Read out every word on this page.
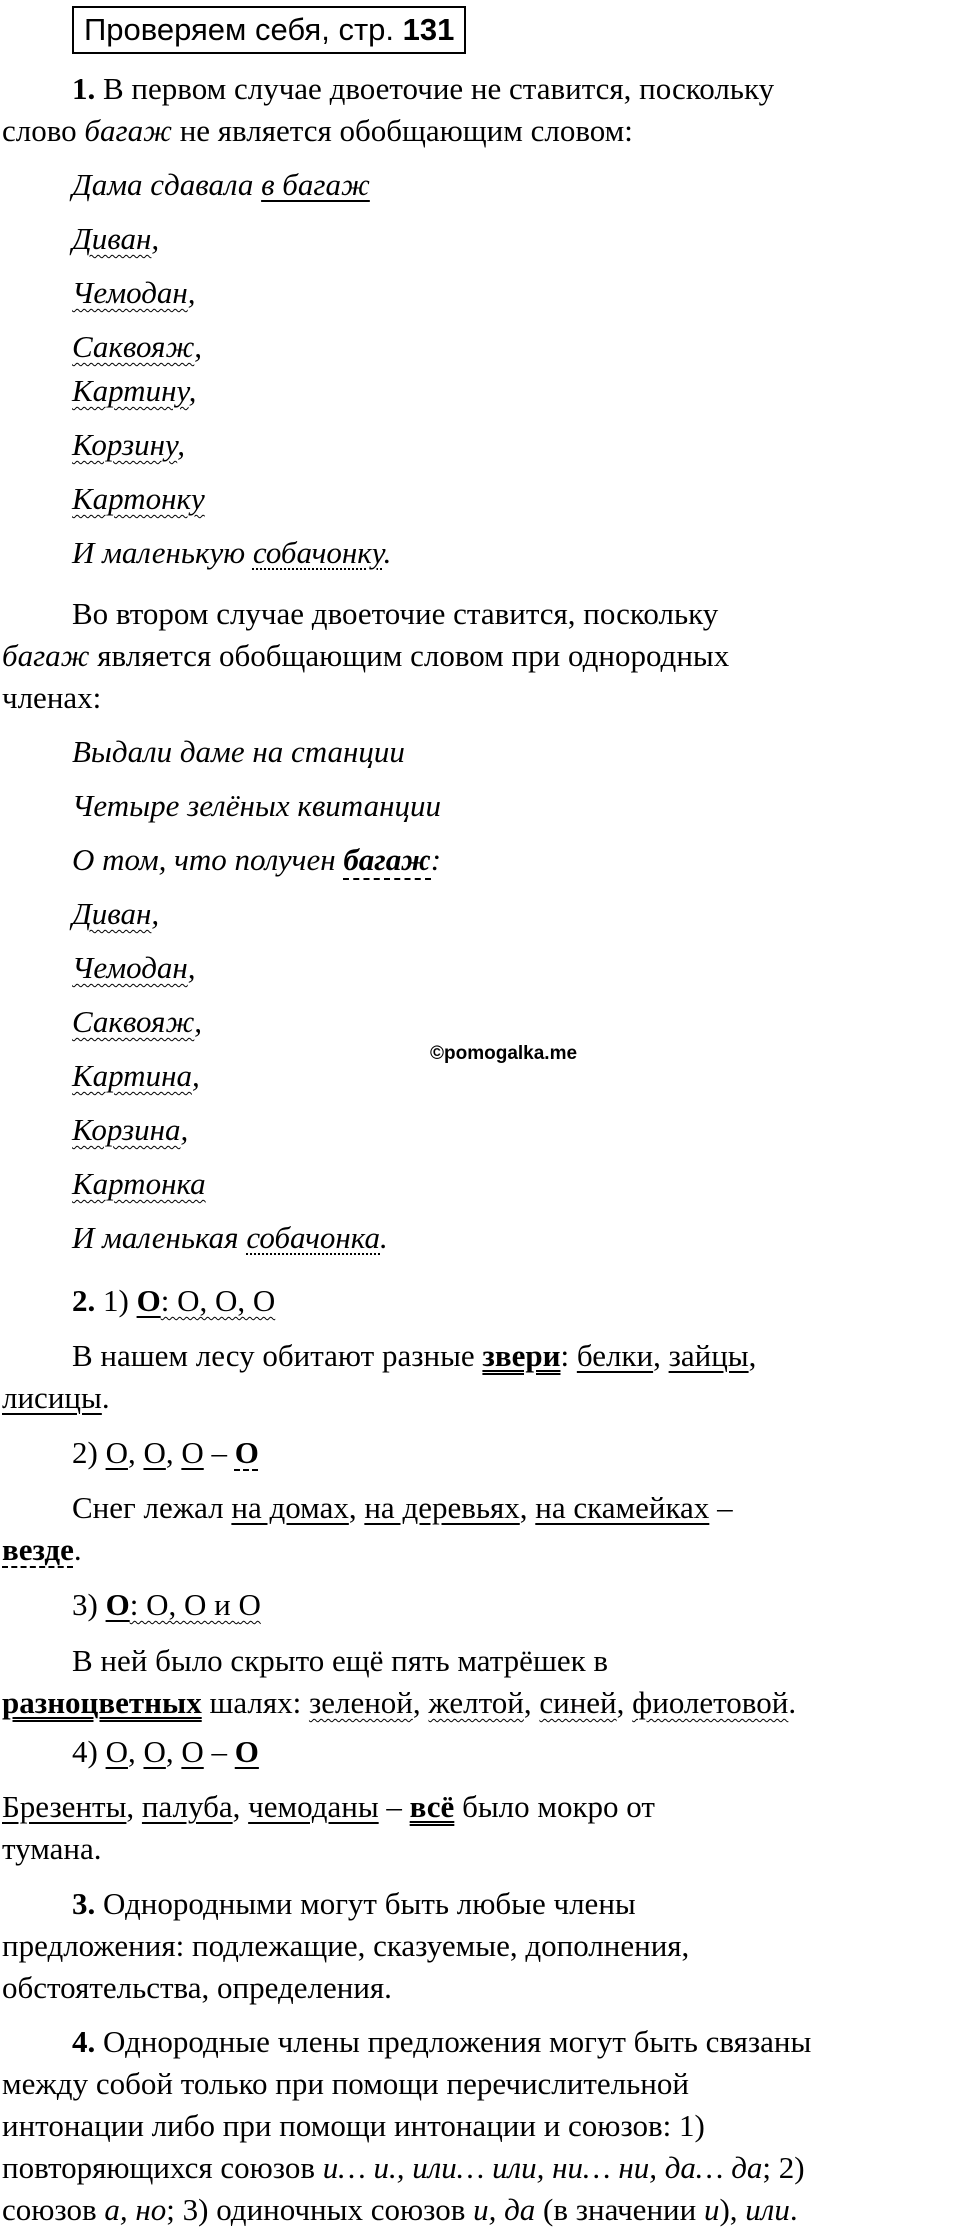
Проверяем себя, стр. 131
1. В первом случае двоеточие не ставится, поскольку
слово багаж не является обобщающим словом:
Дама сдавала в багаж
Диван,
Чемодан,
Саквояж,
Картину,
Корзину,
Картонку
И маленькую собачонку.
Во втором случае двоеточие ставится, поскольку
багаж является обобщающим словом при однородных
членах:
Выдали даме на станции
Четыре зелёных квитанции
О том, что получен багаж:
Диван,
Чемодан,
Саквояж,
Картина,
Корзина,
Картонка
И маленькая собачонка.
©pomogalka.me
2. 1) О: О, О, О
В нашем лесу обитают разные звери: белки, зайцы,
лисицы.
2) О, О, О – О
Снег лежал на домах, на деревьях, на скамейках –
везде.
3) О: О, О и О
В ней было скрыто ещё пять матрёшек в
разноцветных шалях: зеленой, желтой, синей, фиолетовой.
4) О, О, О – О
Брезенты, палуба, чемоданы – всё было мокро от
тумана.
3. Однородными могут быть любые члены
предложения: подлежащие, сказуемые, дополнения,
обстоятельства, определения.
4. Однородные члены предложения могут быть связаны
между собой только при помощи перечислительной
интонации либо при помощи интонации и союзов: 1)
повторяющихся союзов и… и., или… или, ни… ни, да… да; 2)
союзов а, но; 3) одиночных союзов и, да (в значении и), или.
